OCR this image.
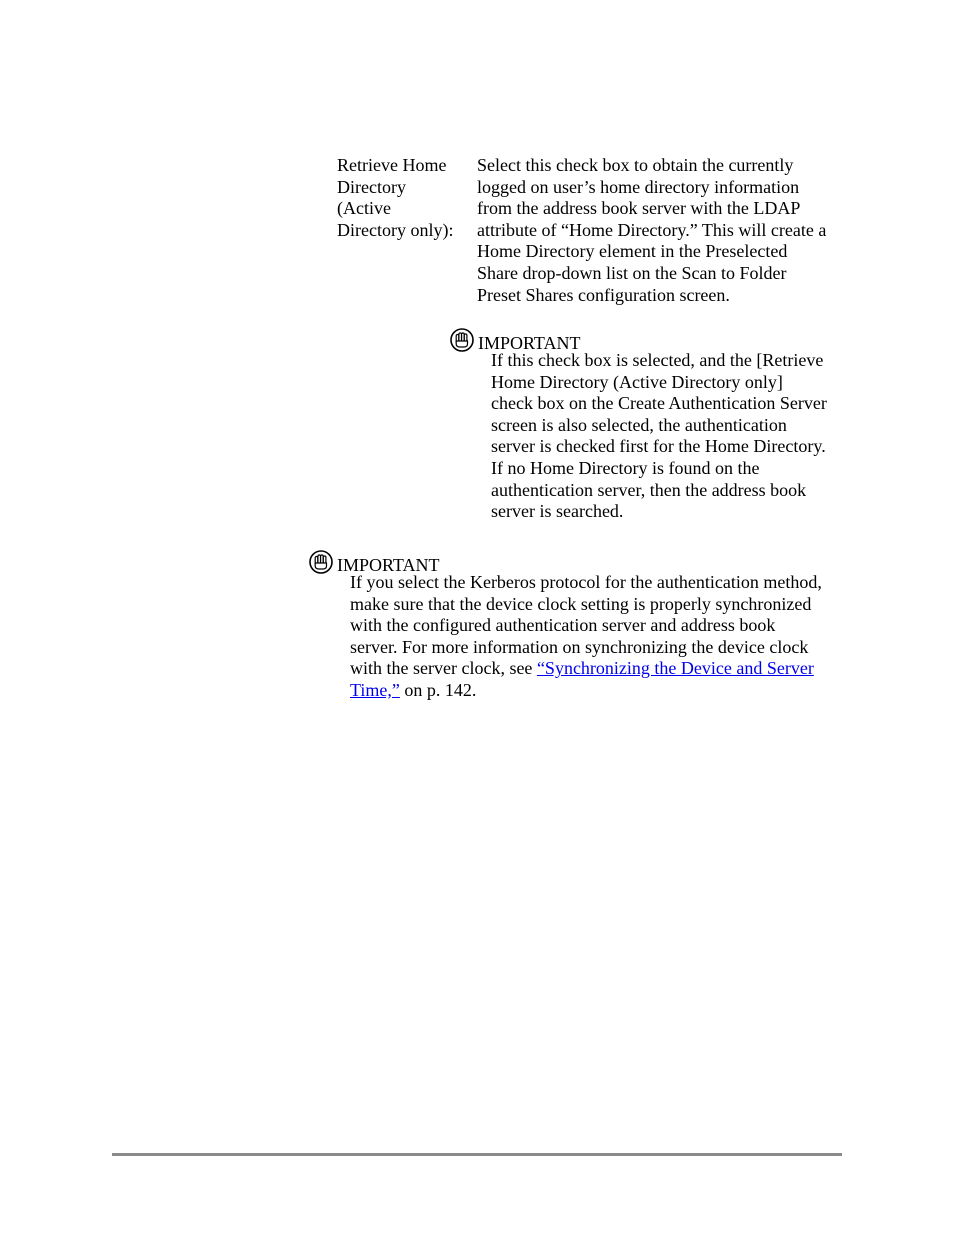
Retrieve Home
Directory
(Active
Directory only):
Select this check box to obtain the currently
logged on user’s home directory information
from the address book server with the LDAP
attribute of “Home Directory.” This will create a
Home Directory element in the Preselected
Share drop-down list on the Scan to Folder
Preset Shares configuration screen.
IMPORTANT
If this check box is selected, and the [Retrieve
Home Directory (Active Directory only]
check box on the Create Authentication Server
screen is also selected, the authentication
server is checked first for the Home Directory.
If no Home Directory is found on the
authentication server, then the address book
server is searched.
IMPORTANT
If you select the Kerberos protocol for the authentication method,
make sure that the device clock setting is properly synchronized
with the configured authentication server and address book
server. For more information on synchronizing the device clock
with the server clock, see “Synchronizing the Device and Server
Time,” on p. 142.
